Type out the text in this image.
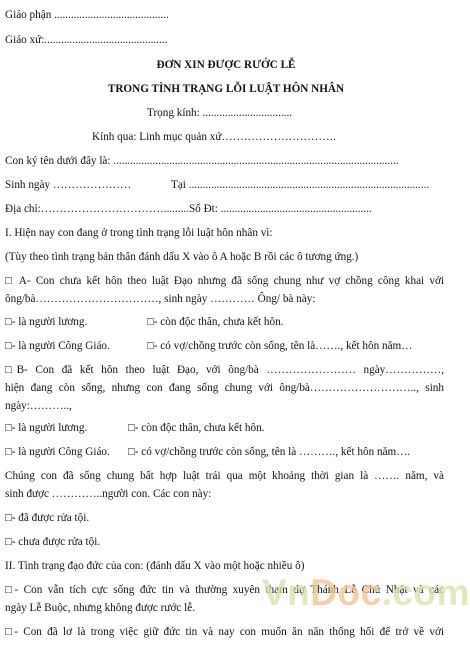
Giáo phận .........................................

Giáo xứ:............................................

ĐƠN XIN ĐƯỢC RƯỚC LỄ

TRONG TÌNH TRẠNG LỖI LUẬT HÔN NHÂN

Trọng kính: ................................

Kính qua: Linh mục quản xứ………………………….

Con ký tên dưới đây là: ......................................................................................................

Sinh ngày …………………	Tại ......................................................................................

Địa chỉ:…………………………….........Số Đt: ......................................................

I. Hiện nay con đang ở trong tình trạng lỗi luật hôn nhân vì:

(Tùy theo tình trạng bản thân đánh dấu X vào ô A hoặc B rồi các ô tương ứng.)

□ A- Con chưa kết hôn theo luật Đạo nhưng đã sống chung như vợ chồng công khai với

ông/bà……………………………, sinh ngày ………… Ông/ bà này:

□- là người lương.	□- còn độc thân, chưa kết hôn.

□- là người Công Giáo.	□- có vợ/chồng trước còn sống, tên là……., kết hôn năm…

□B- Con đã kết hôn theo luật Đạo, với ông/bà …………………… ngày……………,

hiện đang còn sống, nhưng con đang sống chung với ông/bà……………………….., sinh

ngày:………..,

□- là người lương.	□- còn độc thân, chưa kết hôn.

□- là người Công Giáo. □- có vợ/chồng trước còn sống, tên là ………., kết hôn năm….

Chúng con đã sống chung bất hợp luật trái qua một khoảng thời gian là ……. năm, và

sinh được …………..người con. Các con này:

□- đã được rửa tội.

□- chưa được rửa tội.

II. Tình trạng đạo đức của con: (đánh dấu X vào một hoặc nhiều ô)

□- Con vẫn tích cực sống đức tin và thường xuyên tham dự Thánh Lễ Chủ Nhật và các

ngày Lễ Buộc, nhưng không được rước lễ.

□- Con đã lơ là trong việc giữ đức tin và nay con muốn ăn năn thống hối để trở về với

VnDoc.com
